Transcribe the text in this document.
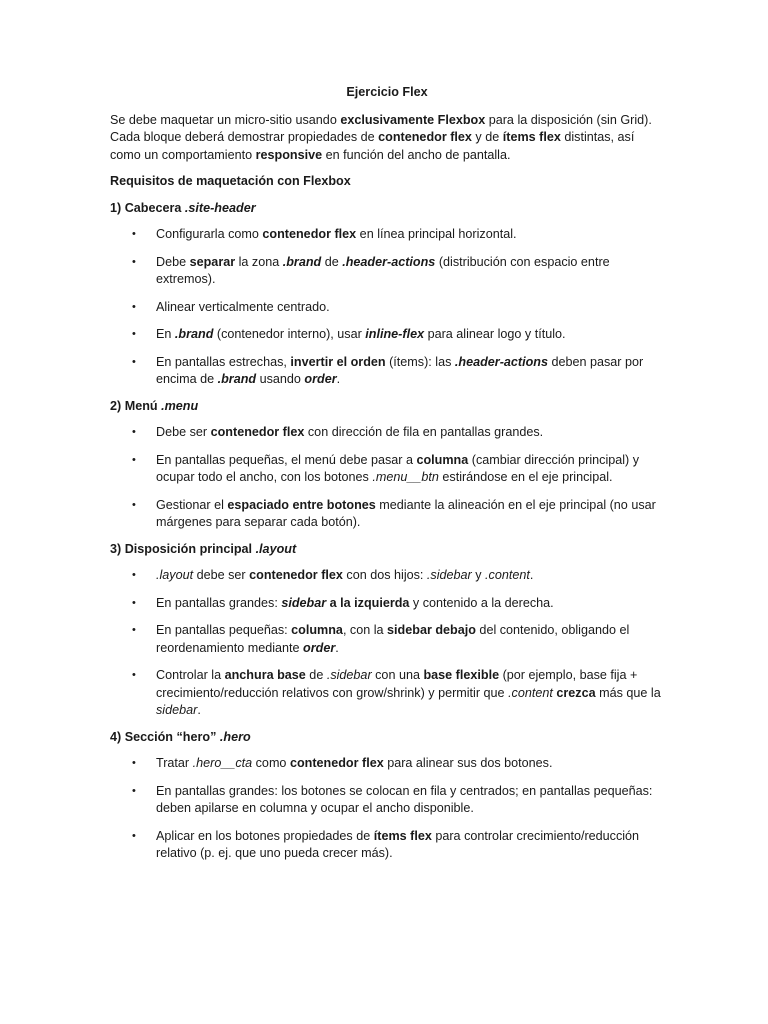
Ejercicio Flex

Se debe maquetar un micro-sitio usando exclusivamente Flexbox para la disposición (sin Grid). Cada bloque deberá demostrar propiedades de contenedor flex y de ítems flex distintas, así como un comportamiento responsive en función del ancho de pantalla.

Requisitos de maquetación con Flexbox
1) Cabecera .site-header
• Configurarla como contenedor flex en línea principal horizontal.
• Debe separar la zona .brand de .header-actions (distribución con espacio entre extremos).
• Alinear verticalmente centrado.
• En .brand (contenedor interno), usar inline-flex para alinear logo y título.
• En pantallas estrechas, invertir el orden (ítems): las .header-actions deben pasar por encima de .brand usando order.
2) Menú .menu
• Debe ser contenedor flex con dirección de fila en pantallas grandes.
• En pantallas pequeñas, el menú debe pasar a columna (cambiar dirección principal) y ocupar todo el ancho, con los botones .menu__btn estirándose en el eje principal.
• Gestionar el espaciado entre botones mediante la alineación en el eje principal (no usar márgenes para separar cada botón).
3) Disposición principal .layout
• .layout debe ser contenedor flex con dos hijos: .sidebar y .content.
• En pantallas grandes: sidebar a la izquierda y contenido a la derecha.
• En pantallas pequeñas: columna, con la sidebar debajo del contenido, obligando el reordenamiento mediante order.
• Controlar la anchura base de .sidebar con una base flexible (por ejemplo, base fija + crecimiento/reducción relativos con grow/shrink) y permitir que .content crezca más que la sidebar.
4) Sección “hero” .hero
• Tratar .hero__cta como contenedor flex para alinear sus dos botones.
• En pantallas grandes: los botones se colocan en fila y centrados; en pantallas pequeñas: deben apilarse en columna y ocupar el ancho disponible.
• Aplicar en los botones propiedades de ítems flex para controlar crecimiento/reducción relativo (p. ej. que uno pueda crecer más).
